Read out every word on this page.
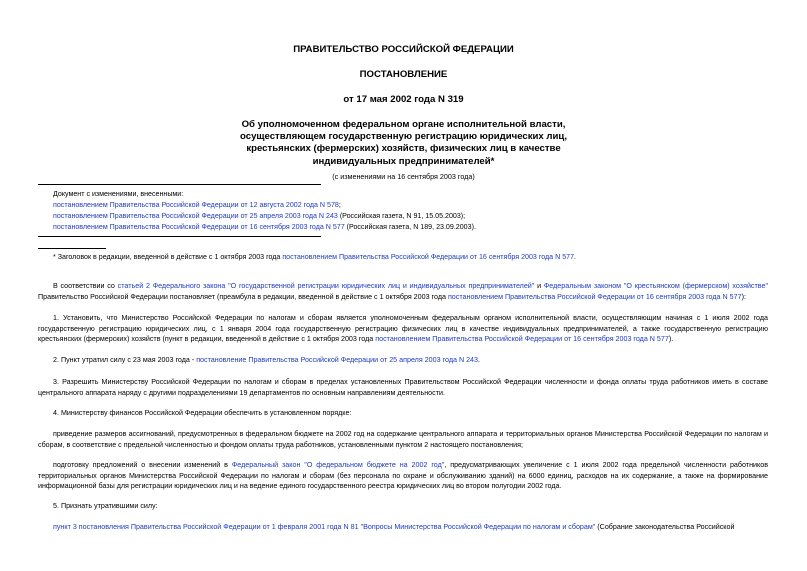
ПРАВИТЕЛЬСТВО РОССИЙСКОЙ ФЕДЕРАЦИИ
ПОСТАНОВЛЕНИЕ
от 17 мая 2002 года N 319
Об уполномоченном федеральном органе исполнительной власти,
осуществляющем государственную регистрацию юридических лиц,
крестьянских (фермерских) хозяйств, физических лиц в качестве
индивидуальных предпринимателей*
(с изменениями на 16 сентября 2003 года)
Документ с изменениями, внесенными:
постановлением Правительства Российской Федерации от 12 августа 2002 года N 578;
постановлением Правительства Российской Федерации от 25 апреля 2003 года N 243 (Российская газета, N 91, 15.05.2003);
постановлением Правительства Российской Федерации от 16 сентября 2003 года N 577 (Российская газета, N 189, 23.09.2003).
* Заголовок в редакции, введенной в действие с 1 октября 2003 года постановлением Правительства Российской Федерации от 16 сентября 2003 года N 577.
В соответствии со статьей 2 Федерального закона "О государственной регистрации юридических лиц и индивидуальных предпринимателей" и Федеральным законом "О крестьянском (фермерском) хозяйстве" Правительство Российской Федерации постановляет (преамбула в редакции, введенной в действие с 1 октября 2003 года постановлением Правительства Российской Федерации от 16 сентября 2003 года N 577):
1. Установить, что Министерство Российской Федерации по налогам и сборам является уполномоченным федеральным органом исполнительной власти, осуществляющим начиная с 1 июля 2002 года государственную регистрацию юридических лиц, с 1 января 2004 года государственную регистрацию физических лиц в качестве индивидуальных предпринимателей, а также государственную регистрацию крестьянских (фермерских) хозяйств (пункт в редакции, введенной в действие с 1 октября 2003 года постановлением Правительства Российской Федерации от 16 сентября 2003 года N 577).
2. Пункт утратил силу с 23 мая 2003 года - постановление Правительства Российской Федерации от 25 апреля 2003 года N 243.
3. Разрешить Министерству Российской Федерации по налогам и сборам в пределах установленных Правительством Российской Федерации численности и фонда оплаты труда работников иметь в составе центрального аппарата наряду с другими подразделениями 19 департаментов по основным направлениям деятельности.
4. Министерству финансов Российской Федерации обеспечить в установленном порядке:
приведение размеров ассигнований, предусмотренных в федеральном бюджете на 2002 год на содержание центрального аппарата и территориальных органов Министерства Российской Федерации по налогам и сборам, в соответствие с предельной численностью и фондом оплаты труда работников, установленными пунктом 2 настоящего постановления;
подготовку предложений о внесении изменений в Федеральный закон "О федеральном бюджете на 2002 год", предусматривающих увеличение с 1 июля 2002 года предельной численности работников территориальных органов Министерства Российской Федерации по налогам и сборам (без персонала по охране и обслуживанию зданий) на 6000 единиц, расходов на их содержание, а также на формирование информационной базы для регистрации юридических лиц и на ведение единого государственного реестра юридических лиц во втором полугодии 2002 года.
5. Признать утратившими силу:
пункт 3 постановления Правительства Российской Федерации от 1 февраля 2001 года N 81 "Вопросы Министерства Российской Федерации по налогам и сборам" (Собрание законодательства Российской
